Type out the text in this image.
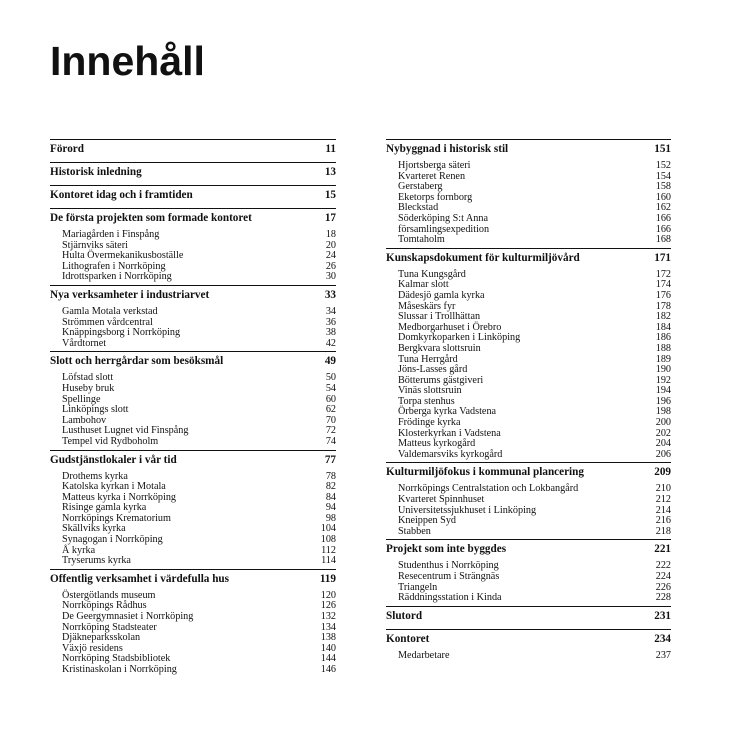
Innehåll
Förord	11
Historisk inledning	13
Kontoret idag och i framtiden	15
De första projekten som formade kontoret	17
Mariagården i Finspång	18
Stjärnviks säteri	20
Hulta Övermekanikusboställe	24
Lithografen i Norrköping	26
Idrottsparken i Norrköping	30
Nya verksamheter i industriarvet	33
Gamla Motala verkstad	34
Strömmen vårdcentral	36
Knäppingsborg i Norrköping	38
Vårdtornet	42
Slott och herrgårdar som besöksmål	49
Löfstad slott	50
Huseby bruk	54
Spellinge	60
Linköpings slott	62
Lambohov	70
Lusthuset Lugnet vid Finspång	72
Tempel vid Rydboholm	74
Gudstjänstlokaler i vår tid	77
Drothems kyrka	78
Katolska kyrkan i Motala	82
Matteus kyrka i Norrköping	84
Risinge gamla kyrka	94
Norrköpings Krematorium	98
Skällviks kyrka	104
Synagogan i Norrköping	108
Å kyrka	112
Tryserums kyrka	114
Offentlig verksamhet i värdefulla hus	119
Östergötlands museum	120
Norrköpings Rådhus	126
De Geergymnasiet i Norrköping	132
Norrköping Stadsteater	134
Djäkneparksskolan	138
Växjö residens	140
Norrköping Stadsbibliotek	144
Kristinaskolan i Norrköping	146
Nybyggnad i historisk stil	151
Hjortsberga säteri	152
Kvarteret Renen	154
Gerstaberg	158
Eketorps fornborg	160
Bleckstad	162
Söderköping S:t Anna	166
församlingsexpedition	166
Tomtaholm	168
Kunskapsdokument för kulturmiljövård	171
Tuna Kungsgård	172
Kalmar slott	174
Dädesjö gamla kyrka	176
Måseskärs fyr	178
Slussar i Trollhättan	182
Medborgarhuset i Örebro	184
Domkyrkoparken i Linköping	186
Bergkvara slottsruin	188
Tuna Herrgård	189
Jöns-Lasses gård	190
Bötterums gästgiveri	192
Vinäs slottsruin	194
Torpa stenhus	196
Örberga kyrka Vadstena	198
Frödinge kyrka	200
Klosterkyrkan i Vadstena	202
Matteus kyrkogård	204
Valdemarsviks kyrkogård	206
Kulturmiljöfokus i kommunal plancering	209
Norrköpings Centralstation och Lokbangård	210
Kvarteret Spinnhuset	212
Universitetssjukhuset i Linköping	214
Kneippen Syd	216
Stabben	218
Projekt som inte byggdes	221
Studenthus i Norrköping	222
Resecentrum i Strängnäs	224
Triangeln	226
Räddningsstation i Kinda	228
Slutord	231
Kontoret	234
Medarbetare	237
